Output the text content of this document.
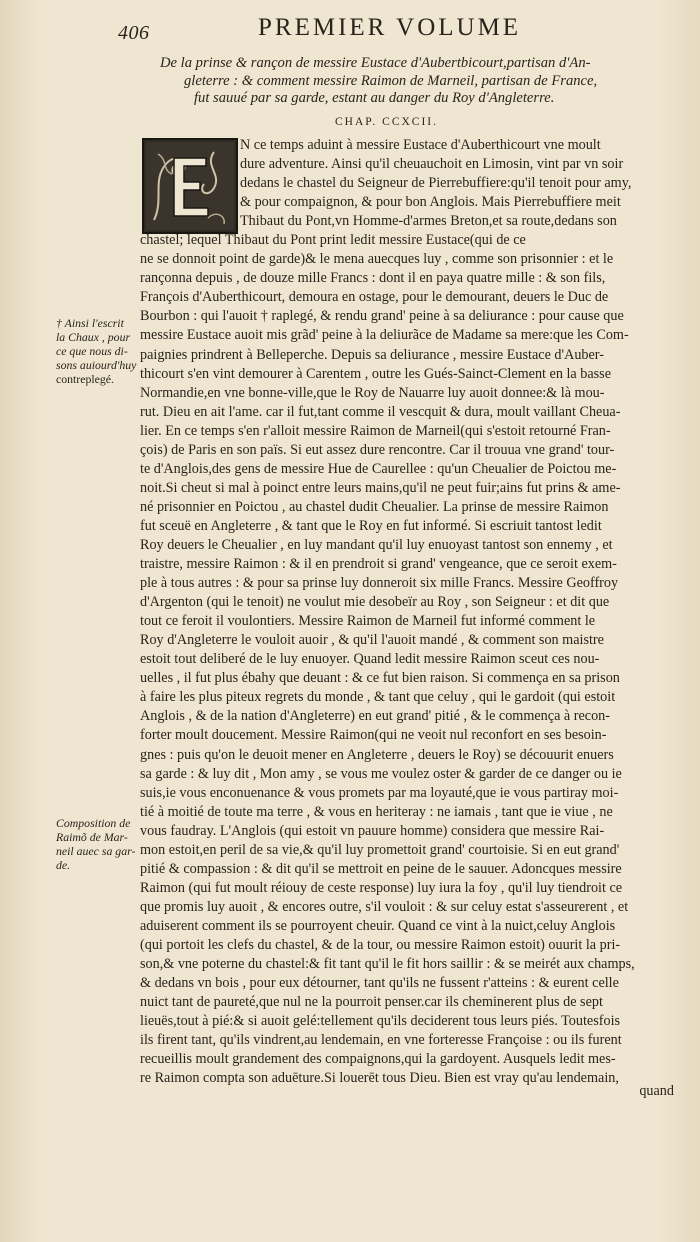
406	PREMIER VOLUME
De la prinse & rançon de messire Eustace d'Aubertbicourt,partisan d'An-
gleterre : & comment messire Raimon de Marneil, partisan de France,
fut sauué par sa garde, estant au danger du Roy d'Angleterre.
CHAP. CCXCII.
N ce temps aduint à messire Eustace d'Auberthicourt vne moult
dure adventure. Ainsi qu'il cheuauchoit en Limosin, vint par vn soir
dedans le chastel du Seigneur de Pierrebuffiere:qu'il tenoit pour amy,
& pour compaignon, & pour bon Anglois. Mais Pierrebuffiere meit
Thibaut du Pont,vn Homme-d'armes Breton,et sa route,dedans son
chastel; lequel Thibaut du Pont print ledit messire Eustace(qui de ce
ne se donnoit point de garde)& le mena auecques luy , comme son prisonnier : et le
rançonna depuis , de douze mille Francs : dont il en paya quatre mille : & son fils,
François d'Auberthicourt, demoura en ostage, pour le demourant, deuers le Duc de
Bourbon : qui l'auoit † raplegé, & rendu grand' peine à sa deliurance : pour cause que
messire Eustace auoit mis grãd' peine à la deliurãce de Madame sa mere:que les Com-
paignies prindrent à Belleperche. Depuis sa deliurance , messire Eustace d'Auber-
thicourt s'en vint demourer à Carentem , outre les Gués-Sainct-Clement en la basse
Normandie,en vne bonne-ville,que le Roy de Nauarre luy auoit donnee:& là mou-
rut. Dieu en ait l'ame. car il fut,tant comme il vescquit & dura, moult vaillant Cheua-
lier. En ce temps s'en r'alloit messire Raimon de Marneil(qui s'estoit retourné Fran-
çois) de Paris en son païs. Si eut assez dure rencontre. Car il trouua vne grand' tour-
te d'Anglois,des gens de messire Hue de Caurellee : qu'un Cheualier de Poictou me-
noit.Si cheut si mal à poinct entre leurs mains,qu'il ne peut fuir;ains fut prins & ame-
né prisonnier en Poictou , au chastel dudit Cheualier. La prinse de messire Raimon
fut sceuë en Angleterre , & tant que le Roy en fut informé. Si escriuit tantost ledit
Roy deuers le Cheualier , en luy mandant qu'il luy enuoyast tantost son ennemy , et
traistre, messire Raimon : & il en prendroit si grand' vengeance, que ce seroit exem-
ple à tous autres : & pour sa prinse luy donneroit six mille Francs. Messire Geoffroy
d'Argenton (qui le tenoit) ne voulut mie desobeïr au Roy , son Seigneur : et dit que
tout ce feroit il voulontiers. Messire Raimon de Marneil fut informé comment le
Roy d'Angleterre le vouloit auoir , & qu'il l'auoit mandé , & comment son maistre
estoit tout deliberé de le luy enuoyer. Quand ledit messire Raimon sceut ces nou-
uelles , il fut plus ébahy que deuant : & ce fut bien raison. Si commença en sa prison
à faire les plus piteux regrets du monde , & tant que celuy , qui le gardoit (qui estoit
Anglois , & de la nation d'Angleterre) en eut grand' pitié , & le commença à recon-
forter moult doucement. Messire Raimon(qui ne veoit nul reconfort en ses besoin-
gnes : puis qu'on le deuoit mener en Angleterre , deuers le Roy) se découurit enuers
sa garde : & luy dit , Mon amy , se vous me voulez oster & garder de ce danger ou ie
suis,ie vous enconuenance & vous promets par ma loyauté,que ie vous partiray moi-
tié à moitié de toute ma terre , & vous en heriteray : ne iamais , tant que ie viue , ne
vous faudray. L'Anglois (qui estoit vn pauure homme) considera que messire Rai-
mon estoit,en peril de sa vie,& qu'il luy promettoit grand' courtoisie. Si en eut grand'
pitié & compassion : & dit qu'il se mettroit en peine de le sauuer. Adoncques messire
Raimon (qui fut moult réiouy de ceste response) luy iura la foy , qu'il luy tiendroit ce
que promis luy auoit , & encores outre, s'il vouloit : & sur celuy estat s'asseurerent , et
aduiserent comment ils se pourroyent cheuir. Quand ce vint à la nuict,celuy Anglois
(qui portoit les clefs du chastel, & de la tour, ou messire Raimon estoit) ouurit la pri-
son,& vne poterne du chastel:& fit tant qu'il le fit hors saillir : & se meirét aux champs,
& dedans vn bois , pour eux détourner, tant qu'ils ne fussent r'atteins : & eurent celle
nuict tant de paureté,que nul ne la pourroit penser.car ils cheminerent plus de sept
lieuës,tout à pié:& si auoit gelé:tellement qu'ils deciderent tous leurs piés. Toutesfois
ils firent tant, qu'ils vindrent,au lendemain, en vne forteresse Françoise : ou ils furent
recueillis moult grandement des compaignons,qui la gardoyent. Ausquels ledit mes-
re Raimon compta son aduēture.Si louerēt tous Dieu. Bien est vray qu'au lendemain,
quand
† Ainsi l'escrit
la Chaux , pour
ce que nous di-
sons auiourd'huy
contreplegé.
Composition de
Raimõ de Mar-
neil auec sa gar-
de.
